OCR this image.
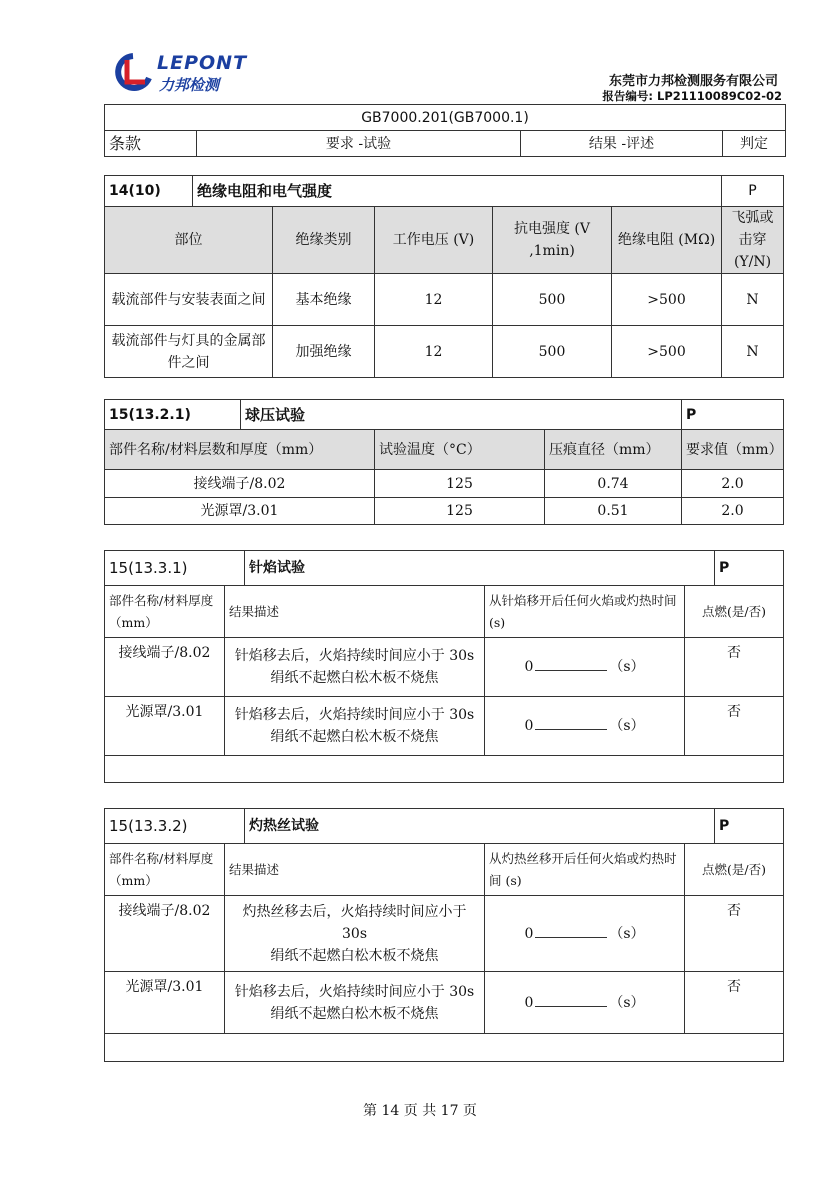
LEPONT
力邦检测	东莞市力邦检测服务有限公司
报告编号: LP21110089C02-02
GB7000.201(GB7000.1)
条款	要求 -试验	结果 -评述	判定
14(10)	绝缘电阻和电气强度					P
部位		绝缘类别	工作电压 (V)	抗电强度 (V ,1min)	绝缘电阻 (MΩ)	飞弧或击穿(Y/N)
载流部件与安装表面之间		基本绝缘	12	500	>500	N
载流部件与灯具的金属部件之间		加强绝缘	12	500	>500	N
15(13.2.1)	球压试验			P
部件名称/材料层数和厚度（mm）		试验温度（°C）	压痕直径（mm）	要求值（mm）
接线端子/8.02		125	0.74	2.0
光源罩/3.01		125	0.51	2.0
15(13.3.1)		针焰试验			P
部件名称/材料厚度（mm）	结果描述		从针焰移开后任何火焰或灼热时间 (s)	点燃(是/否)	
接线端子/8.02	针焰移去后，火焰持续时间应小于 30s
绢纸不起燃白松木板不烧焦		0 （s）	否	
光源罩/3.01	针焰移去后，火焰持续时间应小于 30s
绢纸不起燃白松木板不烧焦		0 （s）	否	

15(13.3.2)		灼热丝试验			P
部件名称/材料厚度（mm）	结果描述		从灼热丝移开后任何火焰或灼热时间 (s)	点燃(是/否)	
接线端子/8.02	灼热丝移去后，火焰持续时间应小于
30s
绢纸不起燃白松木板不烧焦		0 （s）	否	
光源罩/3.01	针焰移去后，火焰持续时间应小于 30s
绢纸不起燃白松木板不烧焦		0 （s）	否	

第 14 页 共 17 页
